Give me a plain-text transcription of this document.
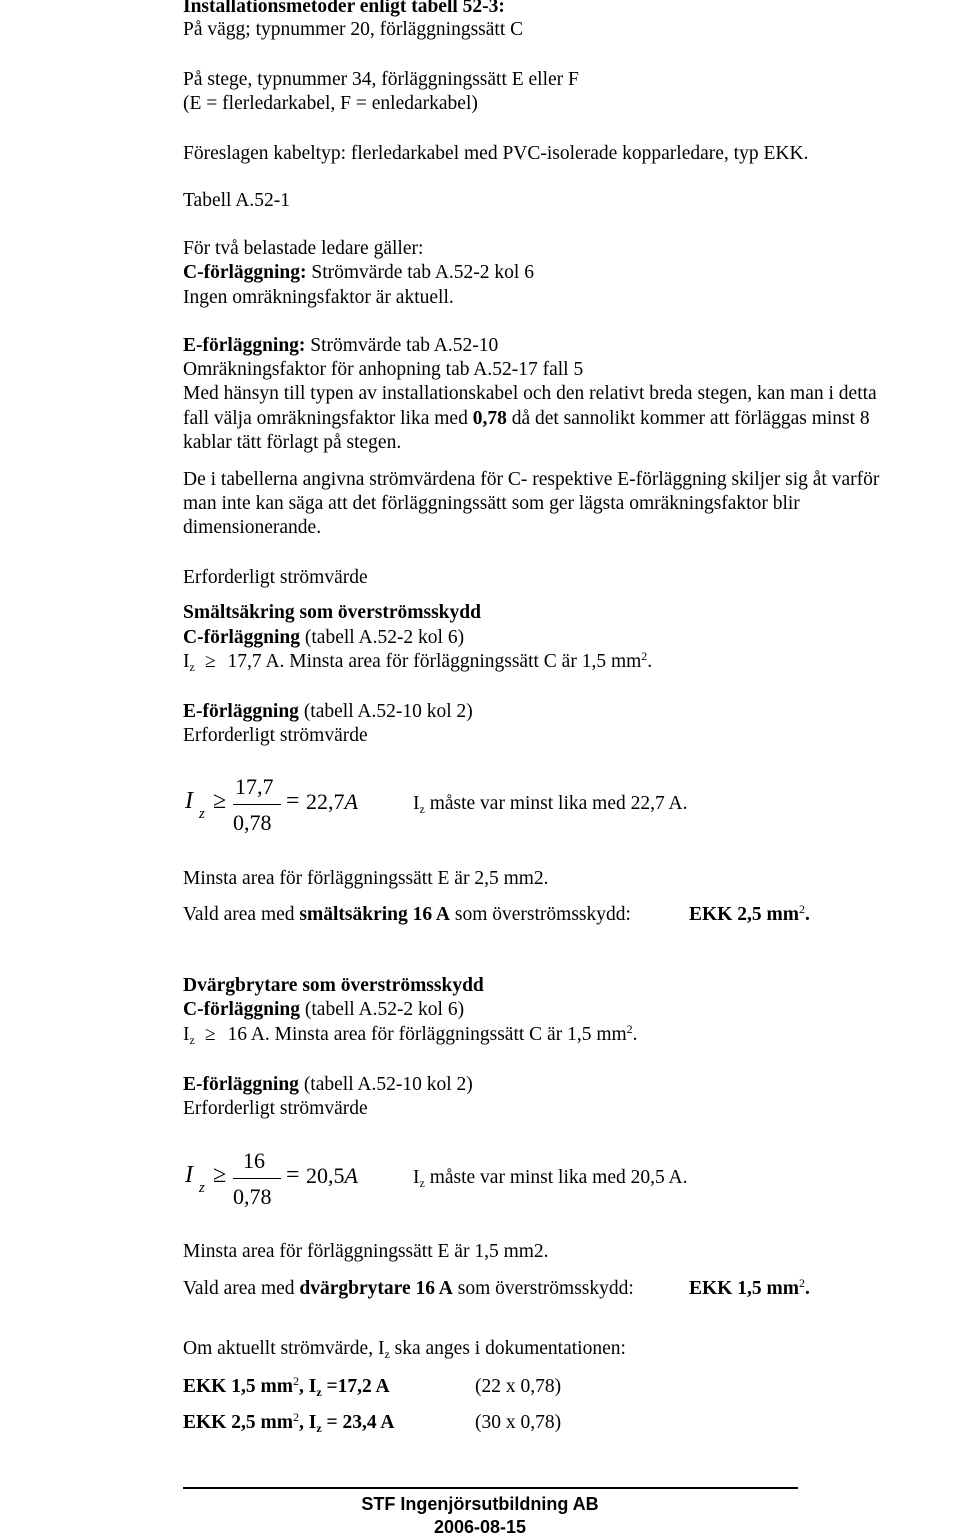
Installationsmetoder enligt tabell 52-3:
På vägg; typnummer 20, förläggningssätt C
På stege, typnummer 34, förläggningssätt E eller F
(E = flerledarkabel, F = enledarkabel)
Föreslagen kabeltyp: flerledarkabel med PVC-isolerade kopparledare, typ EKK.
Tabell A.52-1
För två belastade ledare gäller:
C-förläggning: Strömvärde tab A.52-2 kol 6
Ingen omräkningsfaktor är aktuell.
E-förläggning: Strömvärde tab A.52-10
Omräkningsfaktor för anhopning tab A.52-17 fall 5
Med hänsyn till typen av installationskabel och den relativt breda stegen, kan man i detta
fall välja omräkningsfaktor lika med 0,78 då det sannolikt kommer att förläggas minst 8
kablar tätt förlagt på stegen.
De i tabellerna angivna strömvärdena för C- respektive E-förläggning skiljer sig åt varför
man inte kan säga att det förläggningssätt som ger lägsta omräkningsfaktor blir
dimensionerande.
Erforderligt strömvärde
Smältsäkring som överströmsskydd
C-förläggning (tabell A.52-2 kol 6)
$I_z \ge 17,7$ A. Minsta area för förläggningssätt C är 1,5 $mm^2$.
E-förläggning (tabell A.52-10 kol 2)
Erforderligt strömvärde
I z ≥
17,7
0,78
= 22,7A	$I_z$ måste var minst lika med 22,7 A.
Minsta area för förläggningssätt E är 2,5 mm2.
Vald area med smältsäkring 16 A som överströmsskydd:	EKK 2,5 $mm^2$.
Dvärgbrytare som överströmsskydd
C-förläggning (tabell A.52-2 kol 6)
$I_z \ge 16$ A. Minsta area för förläggningssätt C är 1,5 $mm^2$.
E-förläggning (tabell A.52-10 kol 2)
Erforderligt strömvärde
I z ≥
16
0,78
= 20,5A	$I_z$ måste var minst lika med 20,5 A.
Minsta area för förläggningssätt E är 1,5 mm2.
Vald area med dvärgbrytare 16 A som överströmsskydd:	EKK 1,5 $mm^2$.
Om aktuellt strömvärde, $I_z$ ska anges i dokumentationen:
EKK 1,5 $mm^2$, $I_z =17,2$ A	(22 x 0,78)
EKK 2,5 $mm^2$, $I_z = 23,4$ A	(30 x 0,78)
STF Ingenjörsutbildning AB
2006-08-15
